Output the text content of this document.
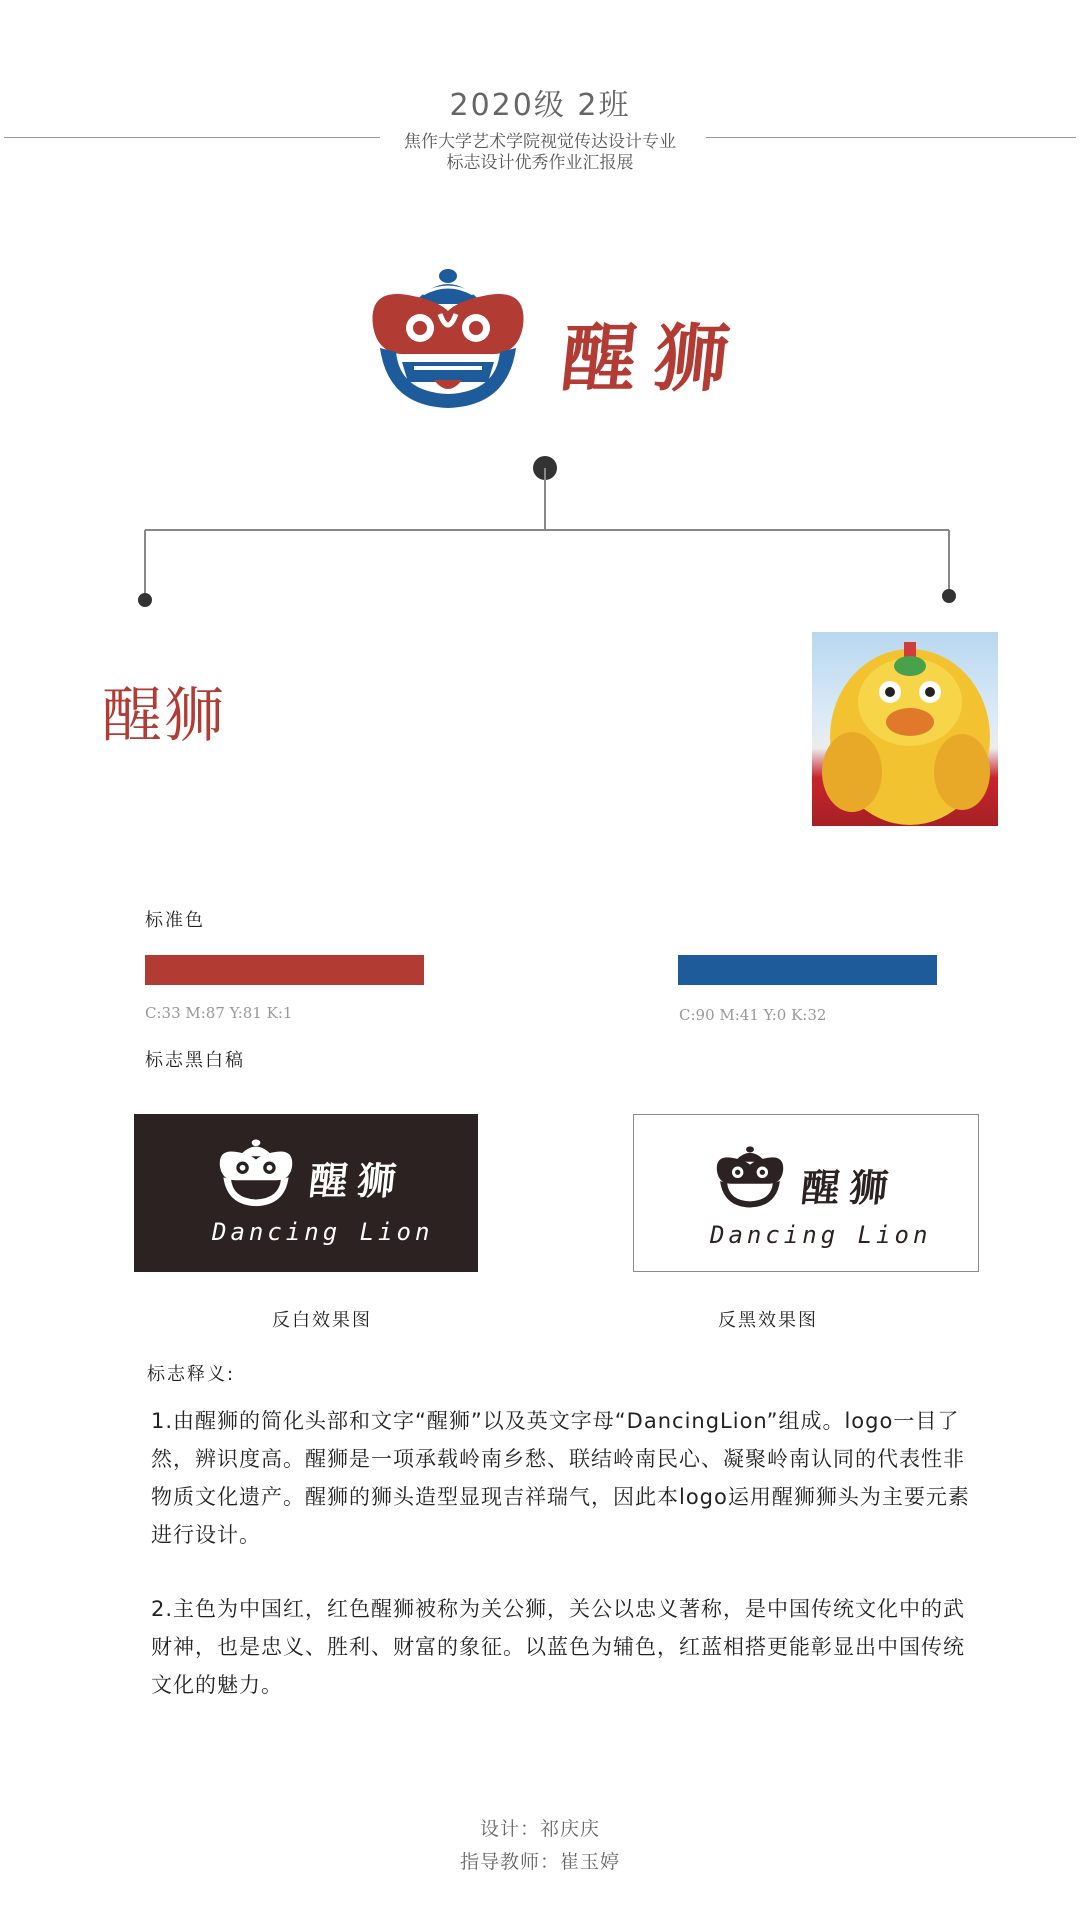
2020级 2班
焦作大学艺术学院视觉传达设计专业
标志设计优秀作业汇报展
醒狮
醒狮
标准色
C:33 M:87 Y:81 K:1	C:90 M:41 Y:0 K:32
标志黑白稿
醒狮
Dancing Lion
醒狮
Dancing Lion
反白效果图	反黑效果图
标志释义:
1.由醒狮的简化头部和文字“醒狮”以及英文字母“DancingLion”组成。logo一目了然，辨识度高。醒狮是一项承载岭南乡愁、联结岭南民心、凝聚岭南认同的代表性非物质文化遗产。醒狮的狮头造型显现吉祥瑞气，因此本logo运用醒狮狮头为主要元素进行设计。
2.主色为中国红，红色醒狮被称为关公狮，关公以忠义著称，是中国传统文化中的武财神，也是忠义、胜利、财富的象征。以蓝色为辅色，红蓝相搭更能彰显出中国传统文化的魅力。
设计：祁庆庆
指导教师：崔玉婷
